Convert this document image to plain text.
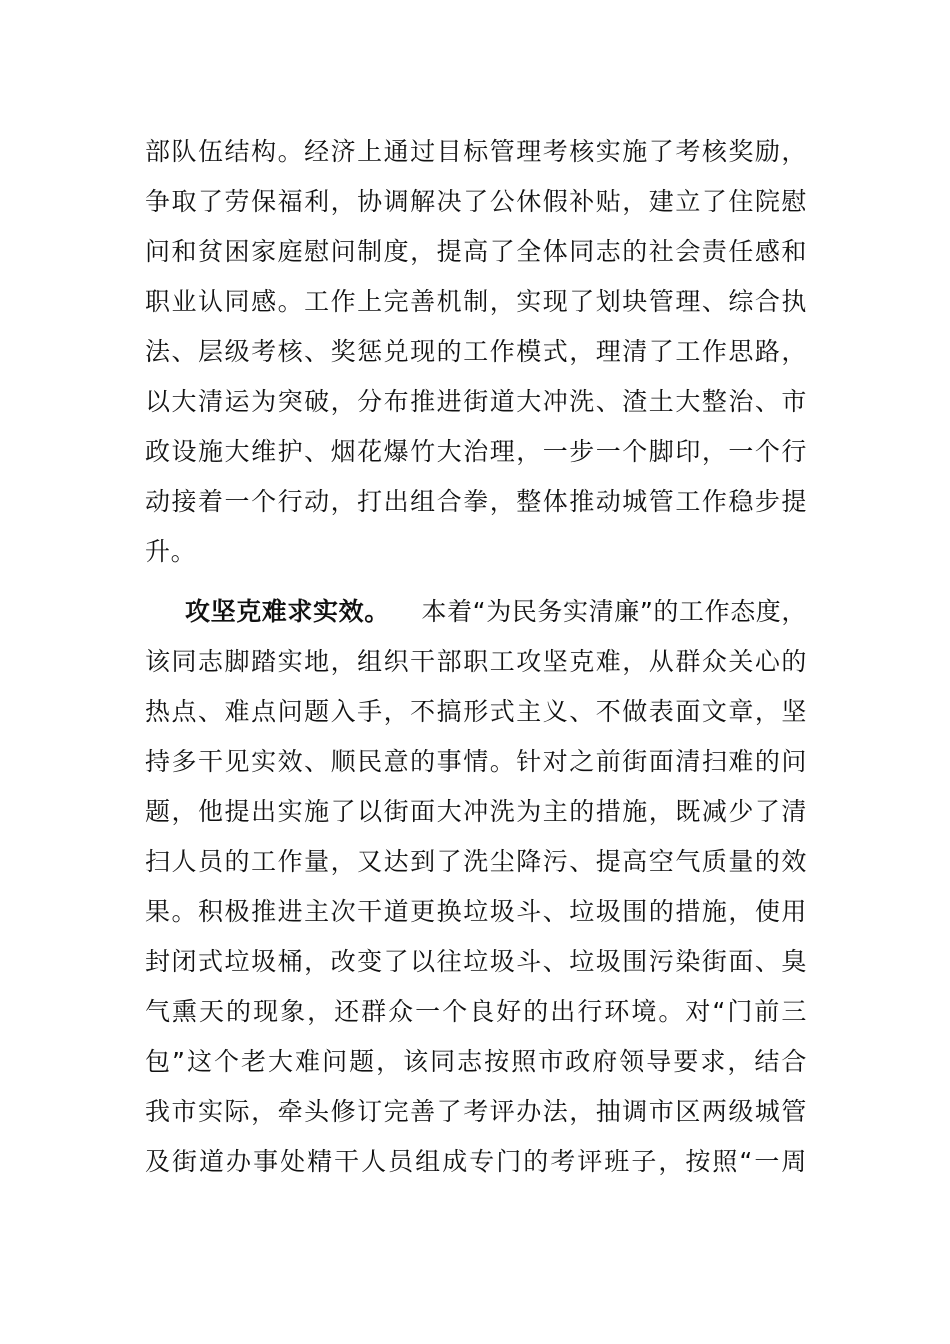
部队伍结构。经济上通过目标管理考核实施了考核奖励，
争取了劳保福利，协调解决了公休假补贴，建立了住院慰
问和贫困家庭慰问制度，提高了全体同志的社会责任感和
职业认同感。工作上完善机制，实现了划块管理、综合执
法、层级考核、奖惩兑现的工作模式，理清了工作思路，
以大清运为突破，分布推进街道大冲洗、渣土大整治、市
政设施大维护、烟花爆竹大治理，一步一个脚印，一个行
动接着一个行动，打出组合拳，整体推动城管工作稳步提
升。
攻坚克难求实效。 本着“为民务实清廉”的工作态度，
该同志脚踏实地，组织干部职工攻坚克难，从群众关心的
热点、难点问题入手，不搞形式主义、不做表面文章，坚
持多干见实效、顺民意的事情。针对之前街面清扫难的问
题，他提出实施了以街面大冲洗为主的措施，既减少了清
扫人员的工作量，又达到了洗尘降污、提高空气质量的效
果。积极推进主次干道更换垃圾斗、垃圾围的措施，使用
封闭式垃圾桶，改变了以往垃圾斗、垃圾围污染街面、臭
气熏天的现象，还群众一个良好的出行环境。对“门前三
包”这个老大难问题，该同志按照市政府领导要求，结合
我市实际，牵头修订完善了考评办法，抽调市区两级城管
及街道办事处精干人员组成专门的考评班子，按照“一周
